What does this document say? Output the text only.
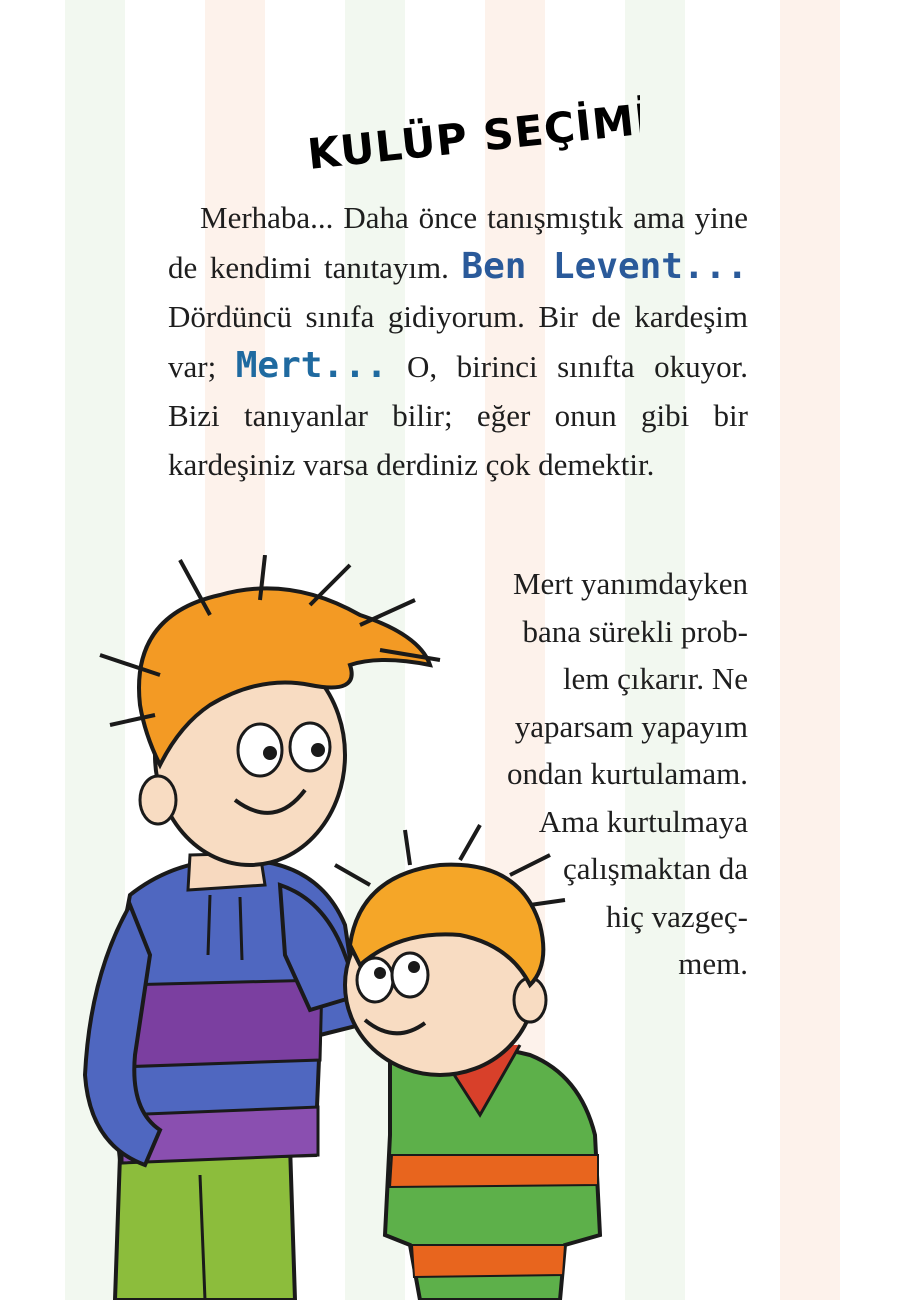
KULÜP SEÇİMİ
Merhaba... Daha önce tanışmıştık ama yine de kendimi tanıtayım. Ben Levent... Dördüncü sınıfa gidiyorum. Bir de kardeşim var; Mert... O, birinci sınıfta okuyor. Bizi tanıyanlar bilir; eğer onun gibi bir kardeşiniz varsa derdiniz çok demektir.
Mert yanımdayken
bana sürekli prob-
lem çıkarır. Ne
yaparsam yapayım
ondan kurtulamam.
Ama kurtulmaya
çalışmaktan da
hiç vazgeç-
mem.
